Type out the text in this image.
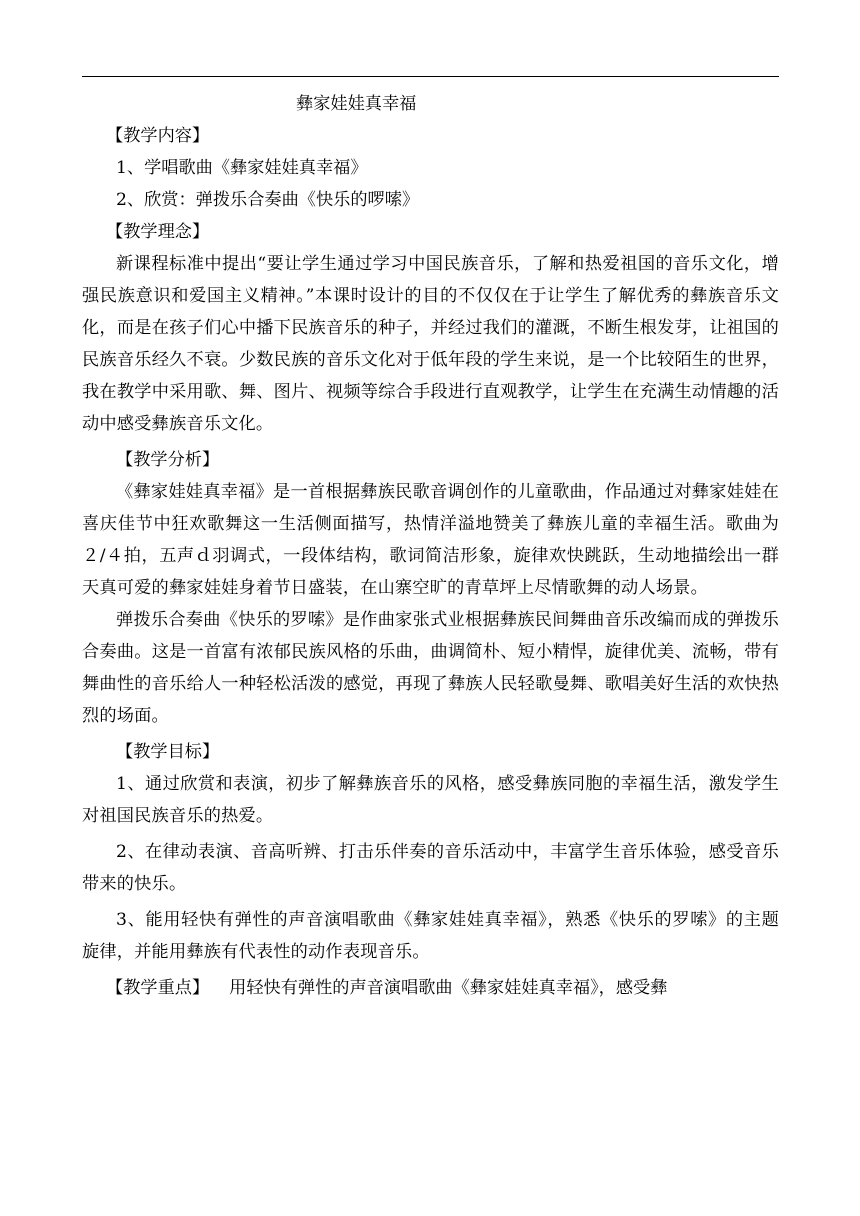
彝家娃娃真幸福

【教学内容】

1、学唱歌曲《彝家娃娃真幸福》

2、欣赏：弹拨乐合奏曲《快乐的啰嗦》

【教学理念】

新课程标准中提出“要让学生通过学习中国民族音乐，了解和热爱祖国的音乐文化，增强民族意识和爱国主义精神。”本课时设计的目的不仅仅在于让学生了解优秀的彝族音乐文化，而是在孩子们心中播下民族音乐的种子，并经过我们的灌溉，不断生根发芽，让祖国的民族音乐经久不衰。少数民族的音乐文化对于低年段的学生来说，是一个比较陌生的世界，我在教学中采用歌、舞、图片、视频等综合手段进行直观教学，让学生在充满生动情趣的活动中感受彝族音乐文化。

【教学分析】

《彝家娃娃真幸福》是一首根据彝族民歌音调创作的儿童歌曲，作品通过对彝家娃娃在喜庆佳节中狂欢歌舞这一生活侧面描写，热情洋溢地赞美了彝族儿童的幸福生活。歌曲为２/４拍，五声ｄ羽调式，一段体结构，歌词简洁形象，旋律欢快跳跃，生动地描绘出一群天真可爱的彝家娃娃身着节日盛装，在山寨空旷的青草坪上尽情歌舞的动人场景。

弹拨乐合奏曲《快乐的罗嗦》是作曲家张式业根据彝族民间舞曲音乐改编而成的弹拨乐合奏曲。这是一首富有浓郁民族风格的乐曲，曲调简朴、短小精悍，旋律优美、流畅，带有舞曲性的音乐给人一种轻松活泼的感觉，再现了彝族人民轻歌曼舞、歌唱美好生活的欢快热烈的场面。

【教学目标】

1、通过欣赏和表演，初步了解彝族音乐的风格，感受彝族同胞的幸福生活，激发学生对祖国民族音乐的热爱。

2、在律动表演、音高听辨、打击乐伴奏的音乐活动中，丰富学生音乐体验，感受音乐带来的快乐。

3、能用轻快有弹性的声音演唱歌曲《彝家娃娃真幸福》，熟悉《快乐的罗嗦》的主题旋律，并能用彝族有代表性的动作表现音乐。

【教学重点】 用轻快有弹性的声音演唱歌曲《彝家娃娃真幸福》，感受彝
